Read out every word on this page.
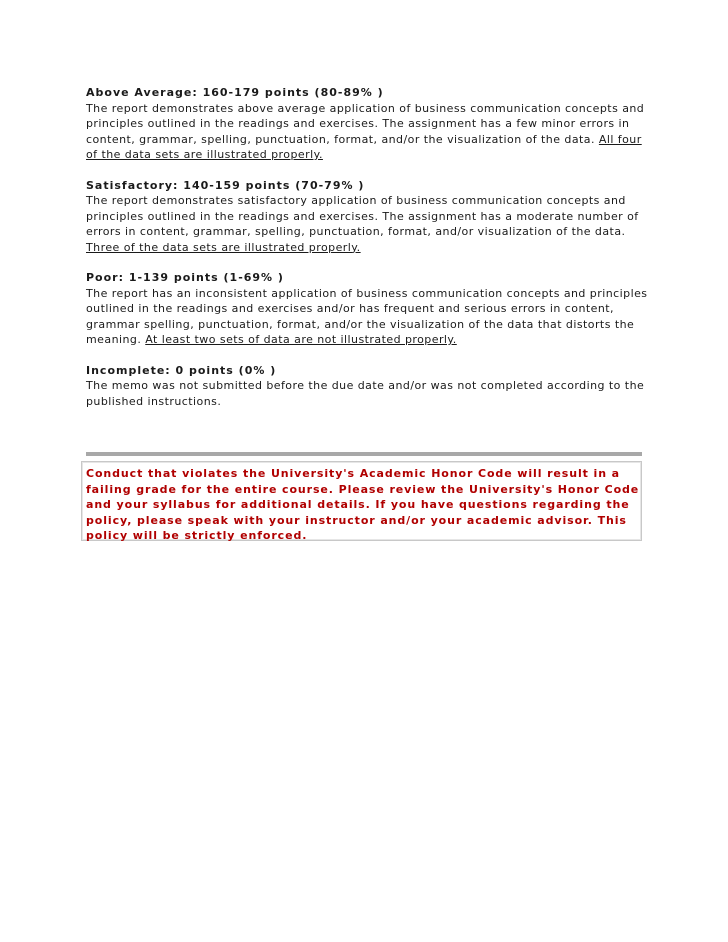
Above Average: 160-179 points (80-89% )
The report demonstrates above average application of business communication concepts and principles outlined in the readings and exercises. The assignment has a few minor errors in content, grammar, spelling, punctuation, format, and/or the visualization of the data. All four of the data sets are illustrated properly.
Satisfactory: 140-159 points (70-79% )
The report demonstrates satisfactory application of business communication concepts and principles outlined in the readings and exercises. The assignment has a moderate number of errors in content, grammar, spelling, punctuation, format, and/or visualization of the data. Three of the data sets are illustrated properly.
Poor: 1-139 points (1-69% )
The report has an inconsistent application of business communication concepts and principles outlined in the readings and exercises and/or has frequent and serious errors in content, grammar spelling, punctuation, format, and/or the visualization of the data that distorts the meaning. At least two sets of data are not illustrated properly.
Incomplete: 0 points (0% )
The memo was not submitted before the due date and/or was not completed according to the published instructions.
Conduct that violates the University's Academic Honor Code will result in a failing grade for the entire course. Please review the University's Honor Code and your syllabus for additional details. If you have questions regarding the policy, please speak with your instructor and/or your academic advisor. This policy will be strictly enforced.
